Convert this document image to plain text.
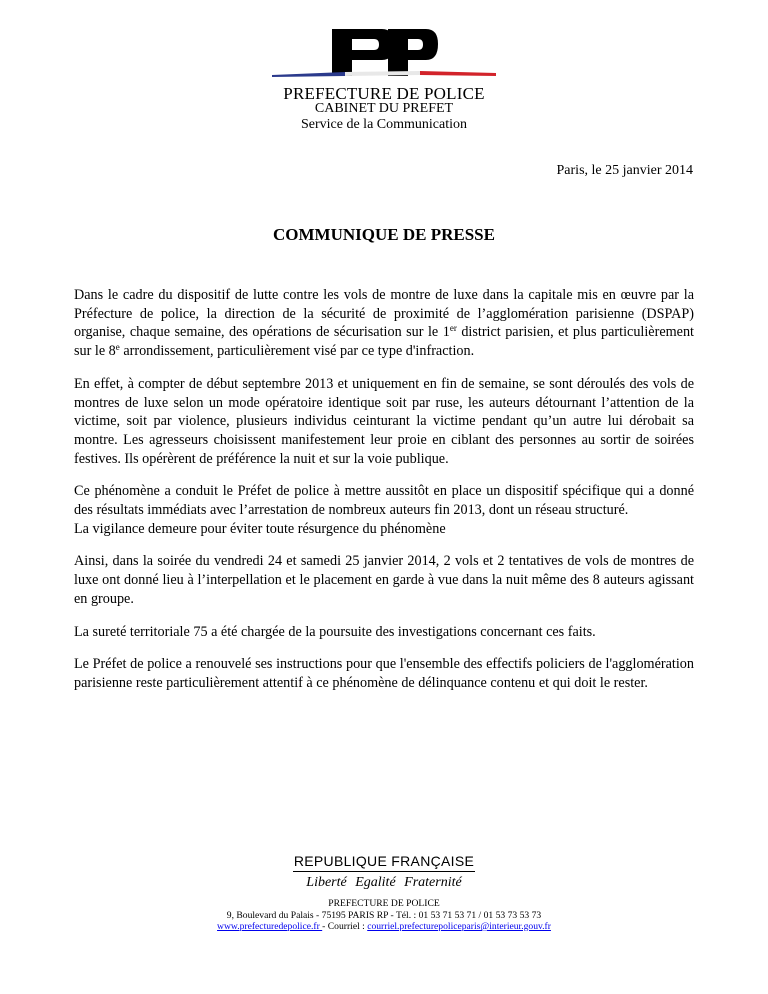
PREFECTURE DE POLICE
CABINET DU PREFET
Service de la Communication
Paris, le 25 janvier 2014
COMMUNIQUE DE PRESSE

Dans le cadre du dispositif de lutte contre les vols de montre de luxe dans la capitale mis en œuvre par la Préfecture de police, la direction de la sécurité de proximité de l’agglomération parisienne (DSPAP) organise, chaque semaine, des opérations de sécurisation sur le 1er district parisien, et plus particulièrement sur le 8e arrondissement, particulièrement visé par ce type d'infraction.

En effet, à compter de début septembre 2013 et uniquement en fin de semaine, se sont déroulés des vols de montres de luxe selon un mode opératoire identique soit par ruse, les auteurs détournant l’attention de la victime, soit par violence, plusieurs individus ceinturant la victime pendant qu’un autre lui dérobait sa montre. Les agresseurs choisissent manifestement leur proie en ciblant des personnes au sortir de soirées festives. Ils opérèrent de préférence la nuit et sur la voie publique.

Ce phénomène a conduit le Préfet de police à mettre aussitôt en place un dispositif spécifique qui a donné des résultats immédiats avec l’arrestation de nombreux auteurs fin 2013, dont un réseau structuré.

La vigilance demeure pour éviter toute résurgence du phénomène

Ainsi, dans la soirée du vendredi 24 et samedi 25 janvier 2014, 2 vols et 2 tentatives de vols de montres de luxe ont donné lieu à l’interpellation et le placement en garde à vue dans la nuit même des 8 auteurs agissant en groupe.

La sureté territoriale 75 a été chargée de la poursuite des investigations concernant ces faits.

Le Préfet de police a renouvelé ses instructions pour que l'ensemble des effectifs policiers de l'agglomération parisienne reste particulièrement attentif à ce phénomène de délinquance contenu et qui doit le rester.

REPUBLIQUE FRANÇAISE
Liberté Egalité Fraternité
PREFECTURE DE POLICE
9, Boulevard du Palais - 75195 PARIS RP - Tél. : 01 53 71 53 71 / 01 53 73 53 73
www.prefecturedepolice.fr - Courriel : courriel.prefecturepoliceparis@interieur.gouv.fr
